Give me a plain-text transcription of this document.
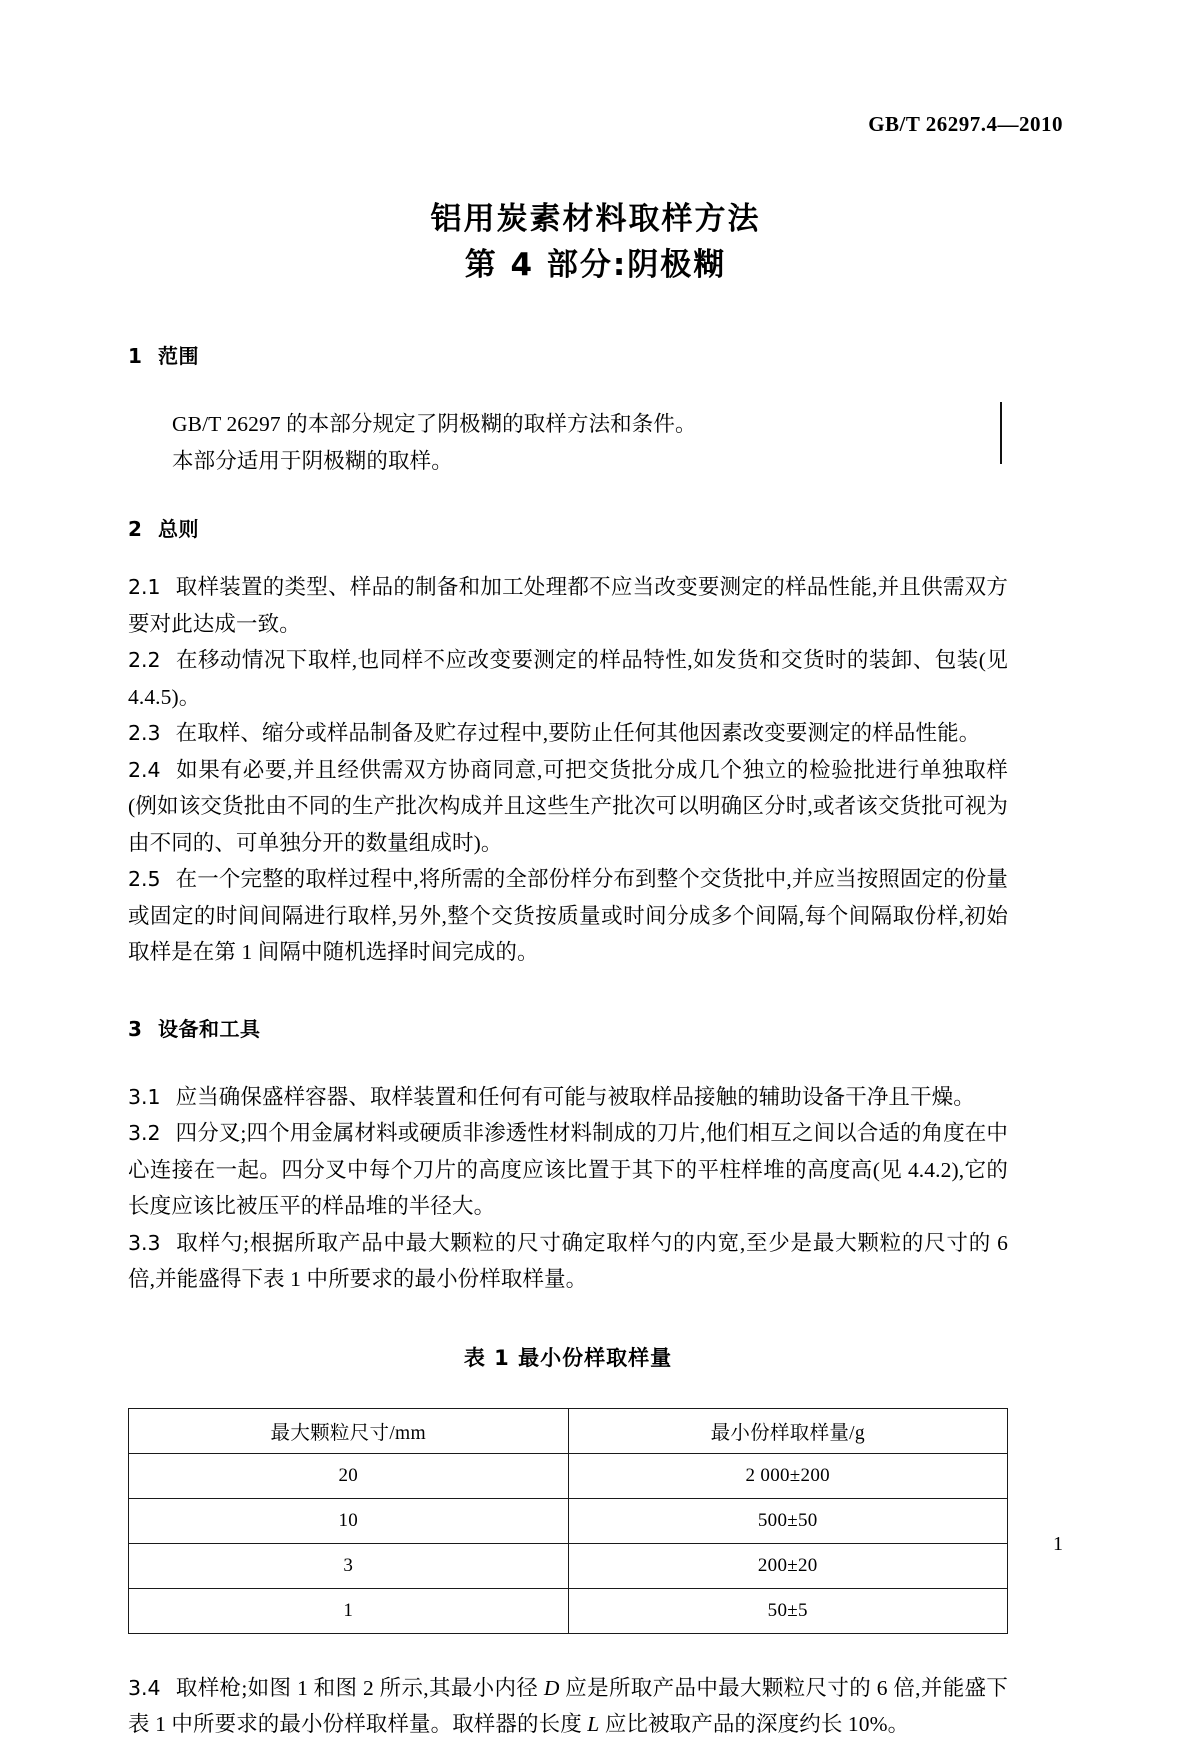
GB/T 26297.4—2010
铝用炭素材料取样方法
第 4 部分:阴极糊
1 范围

GB/T 26297 的本部分规定了阴极糊的取样方法和条件。

本部分适用于阴极糊的取样。

2 总则

2.1 取样装置的类型、样品的制备和加工处理都不应当改变要测定的样品性能,并且供需双方要对此达成一致。

2.2 在移动情况下取样,也同样不应改变要测定的样品特性,如发货和交货时的装卸、包装(见4.4.5)。

2.3 在取样、缩分或样品制备及贮存过程中,要防止任何其他因素改变要测定的样品性能。

2.4 如果有必要,并且经供需双方协商同意,可把交货批分成几个独立的检验批进行单独取样(例如该交货批由不同的生产批次构成并且这些生产批次可以明确区分时,或者该交货批可视为由不同的、可单独分开的数量组成时)。

2.5 在一个完整的取样过程中,将所需的全部份样分布到整个交货批中,并应当按照固定的份量或固定的时间间隔进行取样,另外,整个交货按质量或时间分成多个间隔,每个间隔取份样,初始取样是在第 1 间隔中随机选择时间完成的。

3 设备和工具

3.1 应当确保盛样容器、取样装置和任何有可能与被取样品接触的辅助设备干净且干燥。

3.2 四分叉;四个用金属材料或硬质非渗透性材料制成的刀片,他们相互之间以合适的角度在中心连接在一起。四分叉中每个刀片的高度应该比置于其下的平柱样堆的高度高(见 4.4.2),它的长度应该比被压平的样品堆的半径大。

3.3 取样勺;根据所取产品中最大颗粒的尺寸确定取样勺的内宽,至少是最大颗粒的尺寸的 6 倍,并能盛得下表 1 中所要求的最小份样取样量。

表 1 最小份样取样量

最大颗粒尺寸/mm	最小份样取样量/g
20	2 000±200
10	500±50
3	200±20
1	50±5

3.4 取样枪;如图 1 和图 2 所示,其最小内径 D 应是所取产品中最大颗粒尺寸的 6 倍,并能盛下表 1 中所要求的最小份样取样量。取样器的长度 L 应比被取产品的深度约长 10%。

1
